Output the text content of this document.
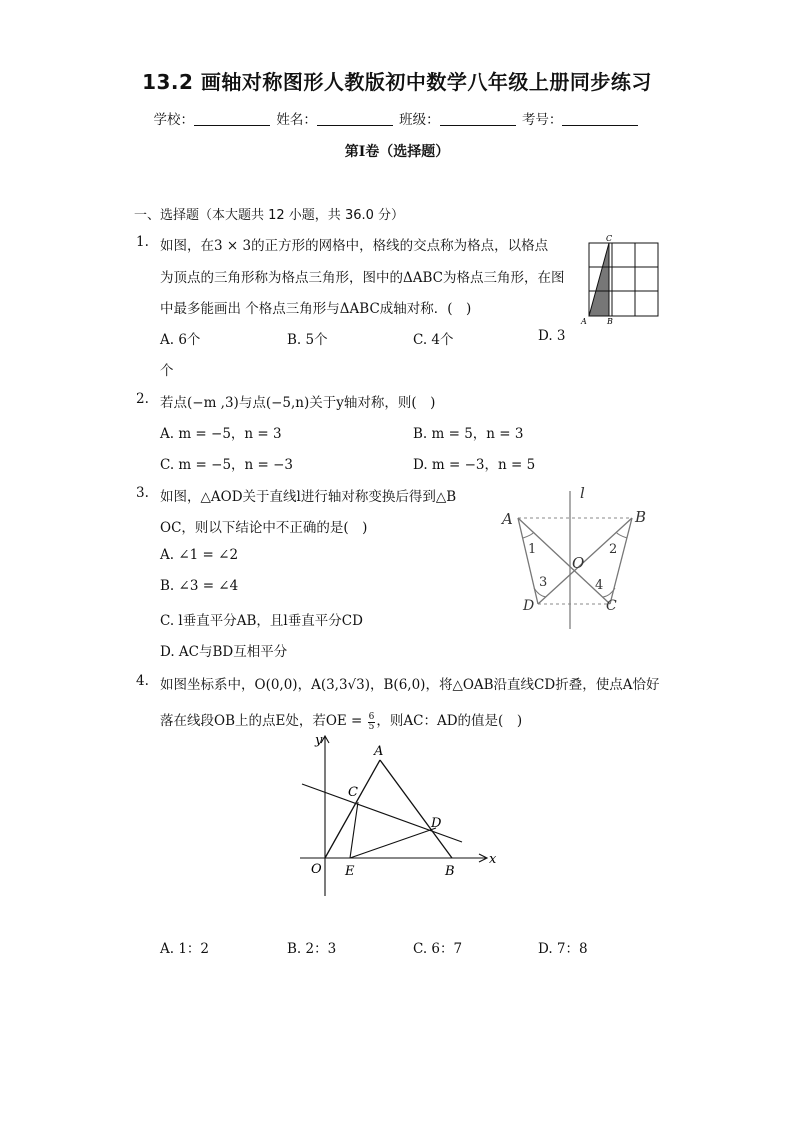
13.2 画轴对称图形人教版初中数学八年级上册同步练习
学校：	姓名：	班级：	考号：
第Ⅰ卷（选择题）
一、选择题（本大题共 12 小题，共 36.0 分）
1. 如图，在3 × 3的正方形的网格中，格线的交点称为格点，以格点
为顶点的三角形称为格点三角形，图中的ΔABC为格点三角形，在图
中最多能画出 个格点三角形与ΔABC成轴对称．(　)
A. 6个	B. 5个	C. 4个	D. 3
个
C
A	B
2. 若点(−m ,3)与点(−5,n)关于y轴对称，则(　)
A. m = −5，n = 3	B. m = 5，n = 3
C. m = −5，n = −3	D. m = −3，n = 5
3. 如图，△AOD关于直线l进行轴对称变换后得到△B
OC，则以下结论中不正确的是(　)
A. ∠1 = ∠2
B. ∠3 = ∠4
C. l垂直平分AB，且l垂直平分CD
D. AC与BD互相平分
A	B
O
D	C
l
1	2
3	4
4. 如图坐标系中，O(0,0)，A(3,3√3)，B(6,0)，将△OAB沿直线CD折叠，使点A恰好
落在线段OB上的点E处，若OE = $\frac{6}{5}$ ，则AC：AD的值是(　)
y
x
O
A
C
D
E	B
A. 1：2	B. 2：3	C. 6：7	D. 7：8
